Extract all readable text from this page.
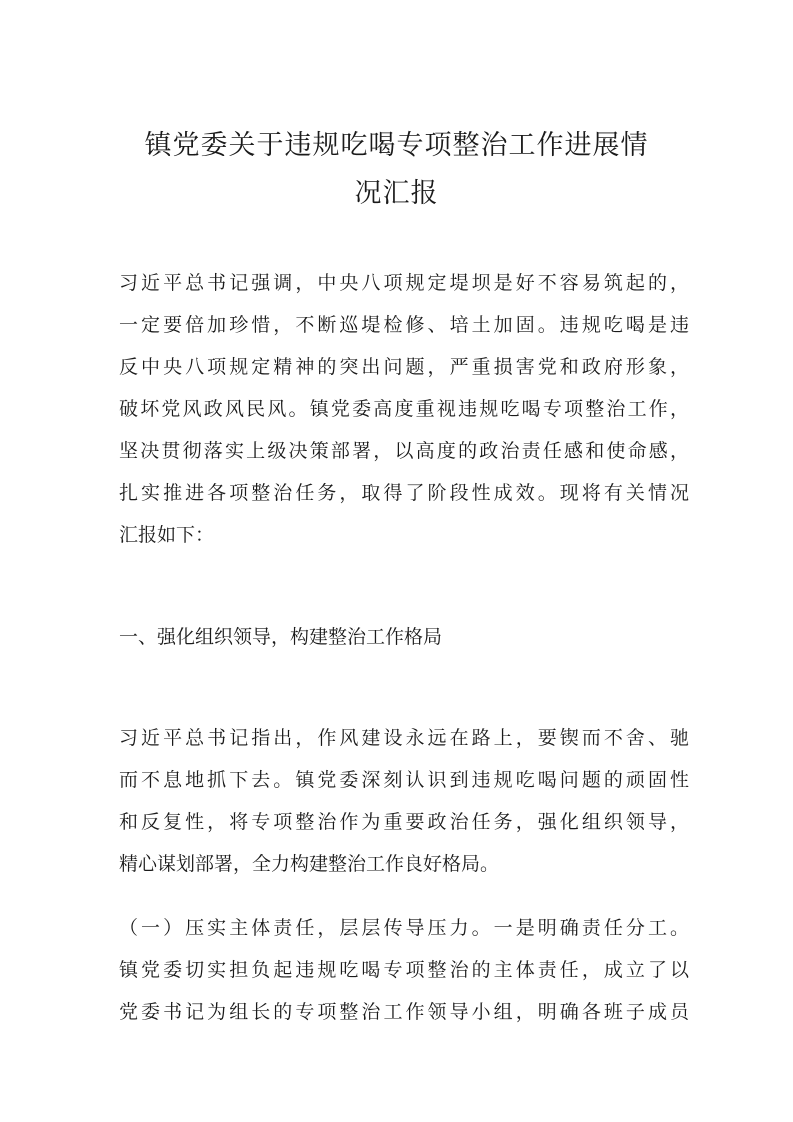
镇党委关于违规吃喝专项整治工作进展情
况汇报
习近平总书记强调，中央八项规定堤坝是好不容易筑起的，
一定要倍加珍惜，不断巡堤检修、培土加固。违规吃喝是违
反中央八项规定精神的突出问题，严重损害党和政府形象，
破坏党风政风民风。镇党委高度重视违规吃喝专项整治工作，
坚决贯彻落实上级决策部署，以高度的政治责任感和使命感，
扎实推进各项整治任务，取得了阶段性成效。现将有关情况
汇报如下：
一、强化组织领导，构建整治工作格局
习近平总书记指出，作风建设永远在路上，要锲而不舍、驰
而不息地抓下去。镇党委深刻认识到违规吃喝问题的顽固性
和反复性，将专项整治作为重要政治任务，强化组织领导，
精心谋划部署，全力构建整治工作良好格局。
（一）压实主体责任，层层传导压力。一是明确责任分工。
镇党委切实担负起违规吃喝专项整治的主体责任，成立了以
党委书记为组长的专项整治工作领导小组，明确各班子成员
